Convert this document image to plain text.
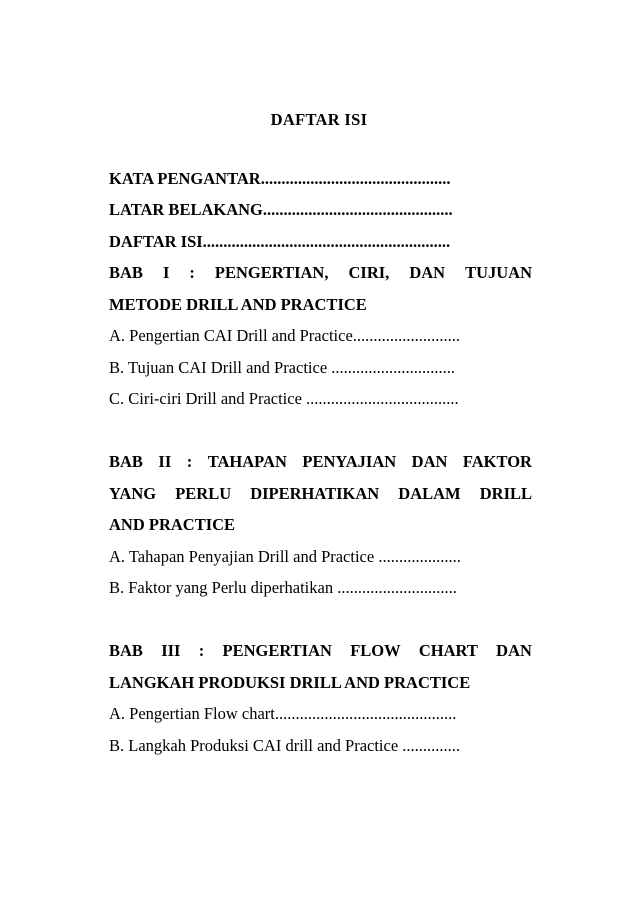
DAFTAR ISI
KATA PENGANTAR..............................................
LATAR BELAKANG..............................................
DAFTAR ISI............................................................
BAB I : PENGERTIAN, CIRI, DAN TUJUAN
METODE DRILL AND PRACTICE
A. Pengertian CAI Drill and Practice..........................
B. Tujuan CAI Drill and Practice ..............................
C. Ciri-ciri Drill and Practice .....................................
BAB II : TAHAPAN PENYAJIAN DAN FAKTOR
YANG PERLU DIPERHATIKAN DALAM DRILL
AND PRACTICE
A. Tahapan Penyajian Drill and Practice ....................
B. Faktor yang Perlu diperhatikan .............................
BAB III : PENGERTIAN FLOW CHART DAN
LANGKAH PRODUKSI DRILL AND PRACTICE
A. Pengertian Flow chart............................................
B. Langkah Produksi CAI drill and Practice ..............
